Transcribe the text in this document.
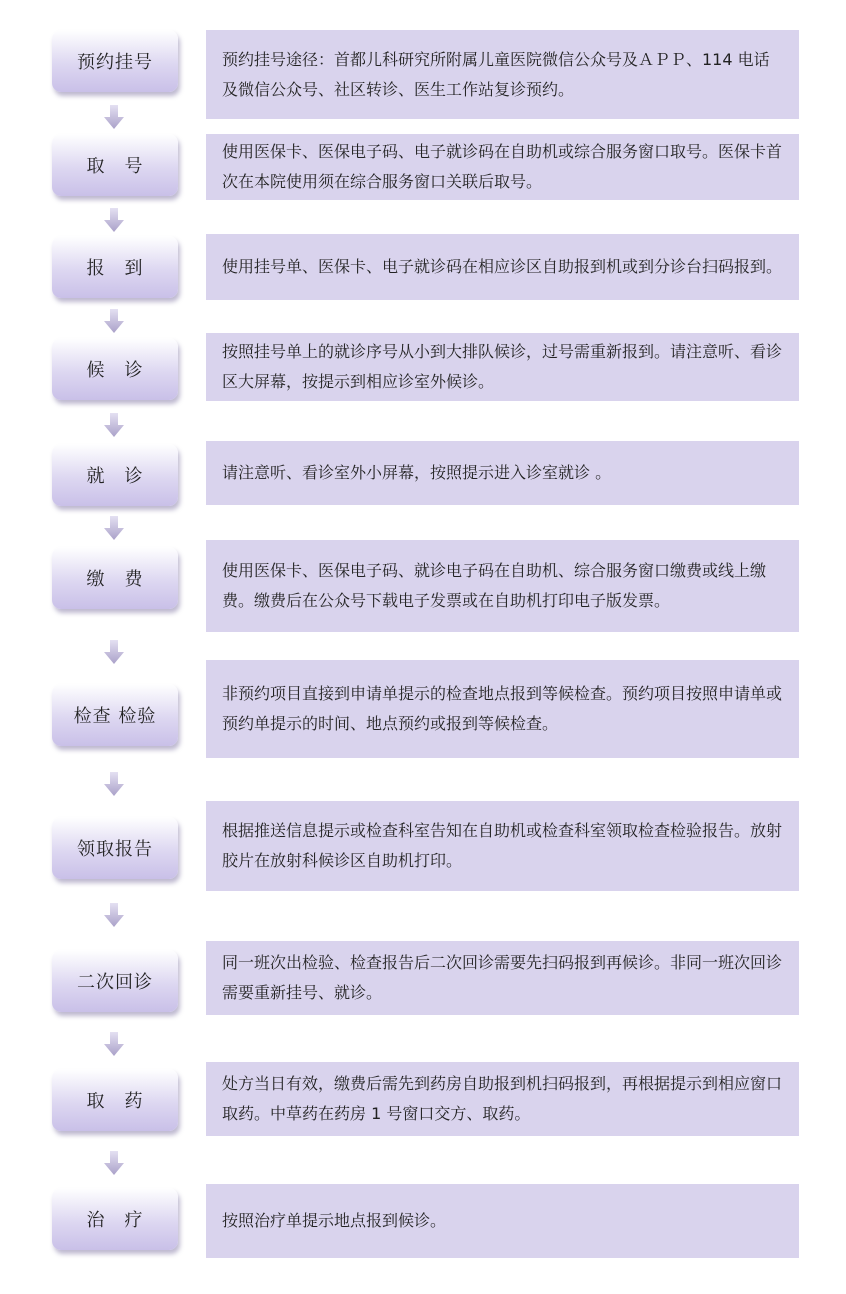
预约挂号
取　号
报　到
候　诊
就　诊
缴　费
检查 检验
领取报告
二次回诊
取　药
治　疗
预约挂号途径：首都儿科研究所附属儿童医院微信公众号及ＡＰＰ、114 电话及微信公众号、社区转诊、医生工作站复诊预约。
使用医保卡、医保电子码、电子就诊码在自助机或综合服务窗口取号。医保卡首次在本院使用须在综合服务窗口关联后取号。
使用挂号单、医保卡、电子就诊码在相应诊区自助报到机或到分诊台扫码报到。
按照挂号单上的就诊序号从小到大排队候诊，过号需重新报到。请注意听、看诊区大屏幕，按提示到相应诊室外候诊。
请注意听、看诊室外小屏幕，按照提示进入诊室就诊 。
使用医保卡、医保电子码、就诊电子码在自助机、综合服务窗口缴费或线上缴费。缴费后在公众号下载电子发票或在自助机打印电子版发票。
非预约项目直接到申请单提示的检查地点报到等候检查。预约项目按照申请单或预约单提示的时间、地点预约或报到等候检查。
根据推送信息提示或检查科室告知在自助机或检查科室领取检查检验报告。放射胶片在放射科候诊区自助机打印。
同一班次出检验、检查报告后二次回诊需要先扫码报到再候诊。非同一班次回诊需要重新挂号、就诊。
处方当日有效，缴费后需先到药房自助报到机扫码报到，再根据提示到相应窗口取药。中草药在药房 1 号窗口交方、取药。
按照治疗单提示地点报到候诊。
